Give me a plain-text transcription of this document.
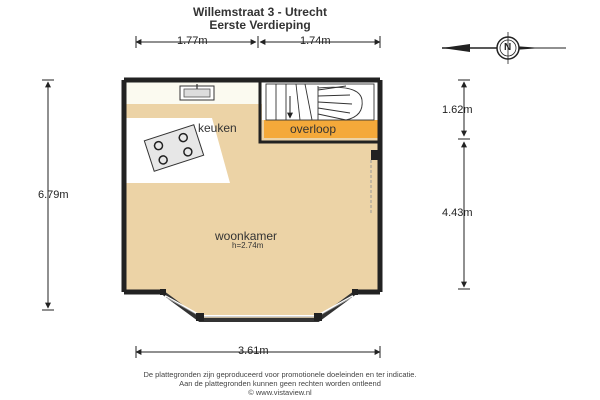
Willemstraat 3 - Utrecht
Eerste Verdieping
1.77m	1.74m
6.79m
1.62m
4.43m
3.61m
keuken	overloop
woonkamer
h=2.74m
N
De plattegronden zijn geproduceerd voor promotionele doeleinden en ter indicatie.
Aan de plattegronden kunnen geen rechten worden ontleend
© www.vistaview.nl
